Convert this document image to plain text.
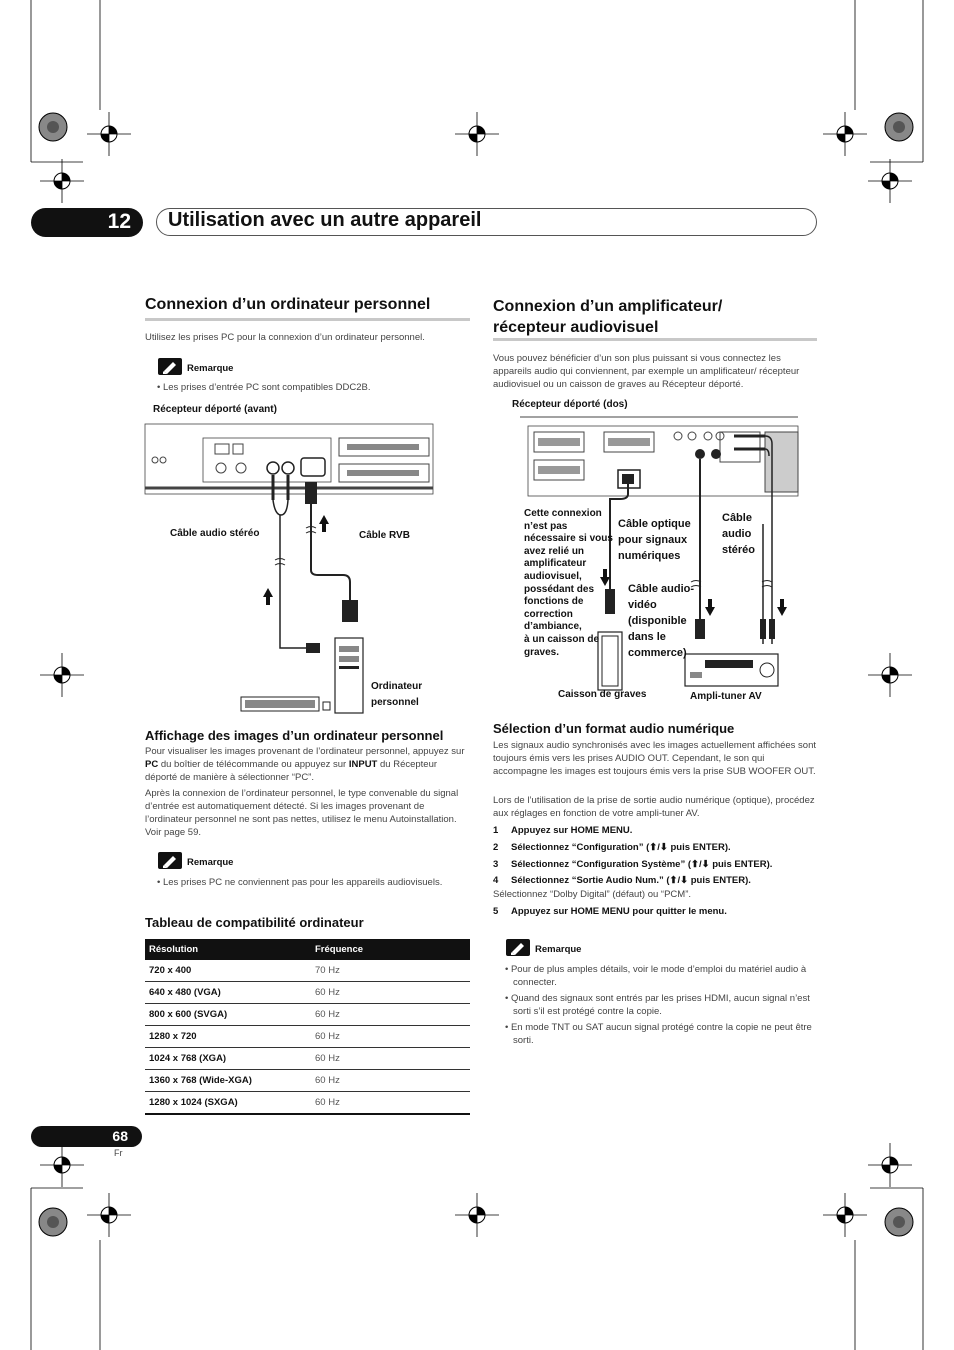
12 Utilisation avec un autre appareil
Connexion d’un ordinateur personnel
Utilisez les prises PC pour la connexion d’un ordinateur personnel.
Remarque
• Les prises d’entrée PC sont compatibles DDC2B.
Récepteur déporté (avant)
Câble audio stéréo	Câble RVB
Ordinateur
personnel
Affichage des images d’un ordinateur personnel
Pour visualiser les images provenant de l’ordinateur personnel, appuyez sur PC du boîtier de télécommande ou appuyez sur INPUT du Récepteur déporté de manière à sélectionner “PC”.
Après la connexion de l’ordinateur personnel, le type convenable du signal d’entrée est automatiquement détecté. Si les images provenant de l’ordinateur personnel ne sont pas nettes, utilisez le menu Autoinstallation. Voir page 59.
Remarque
• Les prises PC ne conviennent pas pour les appareils audiovisuels.
Tableau de compatibilité ordinateur
Résolution	Fréquence
720 x 400	70 Hz
640 x 480 (VGA)	60 Hz
800 x 600 (SVGA)	60 Hz
1280 x 720	60 Hz
1024 x 768 (XGA)	60 Hz
1360 x 768 (Wide-XGA)	60 Hz
1280 x 1024 (SXGA)	60 Hz
Connexion d’un amplificateur/
récepteur audiovisuel
Vous pouvez bénéficier d’un son plus puissant si vous connectez les appareils audio qui conviennent, par exemple un amplificateur/ récepteur audiovisuel ou un caisson de graves au Récepteur déporté.
Récepteur déporté (dos)
Cette connexion
n’est pas
nécessaire si vous
avez relié un
amplificateur
audiovisuel,
possédant des
fonctions de
correction
d’ambiance,
à un caisson de
graves.
Câble optique
pour signaux
numériques
Câble
audio
stéréo
Câble audio-
vidéo
(disponible
dans le
commerce)
Caisson de graves	Ampli-tuner AV
Sélection d’un format audio numérique
Les signaux audio synchronisés avec les images actuellement affichées sont toujours émis vers les prises AUDIO OUT. Cependant, le son qui accompagne les images est toujours émis vers la prise SUB WOOFER OUT.
Lors de l’utilisation de la prise de sortie audio numérique (optique), procédez aux réglages en fonction de votre ampli-tuner AV.
1 Appuyez sur HOME MENU.
2 Sélectionnez “Configuration” (⬆/⬇ puis ENTER).
3 Sélectionnez “Configuration Système” (⬆/⬇ puis ENTER).
4 Sélectionnez “Sortie Audio Num.” (⬆/⬇ puis ENTER).
Sélectionnez “Dolby Digital” (défaut) ou “PCM”.
5 Appuyez sur HOME MENU pour quitter le menu.
Remarque
• Pour de plus amples détails, voir le mode d’emploi du matériel audio à connecter.
• Quand des signaux sont entrés par les prises HDMI, aucun signal n’est sorti s’il est protégé contre la copie.
• En mode TNT ou SAT aucun signal protégé contre la copie ne peut être sorti.
68
Fr
